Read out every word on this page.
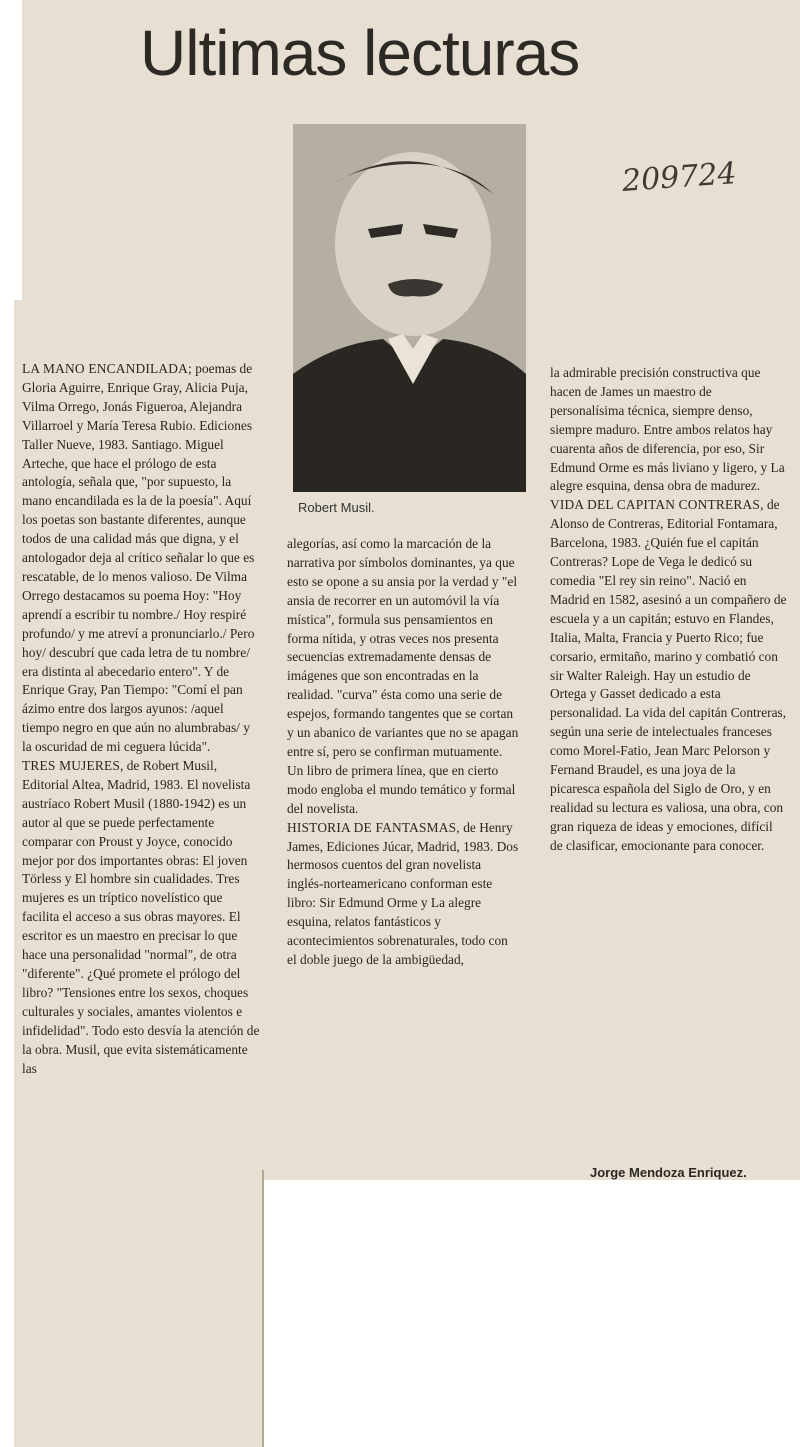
Ultimas lecturas
209724
Robert Musil.

LA MANO ENCANDILADA; poemas de Gloria Aguirre, Enrique Gray, Alicia Puja, Vilma Orrego, Jonás Figueroa, Alejandra Villarroel y María Teresa Rubio. Ediciones Taller Nueve, 1983. Santiago. Miguel Arteche, que hace el prólogo de esta antología, señala que, "por supuesto, la mano encandilada es la de la poesía". Aquí los poetas son bastante diferentes, aunque todos de una calidad más que digna, y el antologador deja al crítico señalar lo que es rescatable, de lo menos valioso. De Vilma Orrego destacamos su poema Hoy: "Hoy aprendí a escribir tu nombre./ Hoy respiré profundo/ y me atreví a pronunciarlo./ Pero hoy/ descubrí que cada letra de tu nombre/ era distinta al abecedario entero". Y de Enrique Gray, Pan Tiempo: "Comí el pan ázimo entre dos largos ayunos: /aquel tiempo negro en que aún no alumbrabas/ y la oscuridad de mi ceguera lúcida".

TRES MUJERES, de Robert Musil, Editorial Altea, Madrid, 1983. El novelista austríaco Robert Musil (1880-1942) es un autor al que se puede perfectamente comparar con Proust y Joyce, conocido mejor por dos importantes obras: El joven Törless y El hombre sin cualidades. Tres mujeres es un tríptico novelístico que facilita el acceso a sus obras mayores. El escritor es un maestro en precisar lo que hace una personalidad "normal", de otra "diferente". ¿Qué promete el prólogo del libro? "Tensiones entre los sexos, choques culturales y sociales, amantes violentos e infidelidad". Todo esto desvía la atención de la obra. Musil, que evita sistemáticamente las

alegorías, así como la marcación de la narrativa por símbolos dominantes, ya que esto se opone a su ansia por la verdad y "el ansia de recorrer en un automóvil la vía mística", formula sus pensamientos en forma nítida, y otras veces nos presenta secuencias extremadamente densas de imágenes que son encontradas en la realidad. "curva" ésta como una serie de espejos, formando tangentes que se cortan y un abanico de variantes que no se apagan entre sí, pero se confirman mutuamente. Un libro de primera línea, que en cierto modo engloba el mundo temático y formal del novelista.

HISTORIA DE FANTASMAS, de Henry James, Ediciones Júcar, Madrid, 1983. Dos hermosos cuentos del gran novelista inglés-norteamericano conforman este libro: Sir Edmund Orme y La alegre esquina, relatos fantásticos y acontecimientos sobrenaturales, todo con el doble juego de la ambigüedad,

la admirable precisión constructiva que hacen de James un maestro de personalísima técnica, siempre denso, siempre maduro. Entre ambos relatos hay cuarenta años de diferencia, por eso, Sir Edmund Orme es más liviano y ligero, y La alegre esquina, densa obra de madurez.

VIDA DEL CAPITAN CONTRERAS, de Alonso de Contreras, Editorial Fontamara, Barcelona, 1983. ¿Quién fue el capitán Contreras? Lope de Vega le dedicó su comedia "El rey sin reino". Nació en Madrid en 1582, asesinó a un compañero de escuela y a un capitán; estuvo en Flandes, Italia, Malta, Francia y Puerto Rico; fue corsario, ermitaño, marino y combatió con sir Walter Raleigh. Hay un estudio de Ortega y Gasset dedicado a esta personalidad. La vida del capitán Contreras, según una serie de intelectuales franceses como Morel-Fatio, Jean Marc Pelorson y Fernand Braudel, es una joya de la picaresca española del Siglo de Oro, y en realidad su lectura es valiosa, una obra, con gran riqueza de ideas y emociones, difícil de clasificar, emocionante para conocer.

Jorge Mendoza Enriquez.
